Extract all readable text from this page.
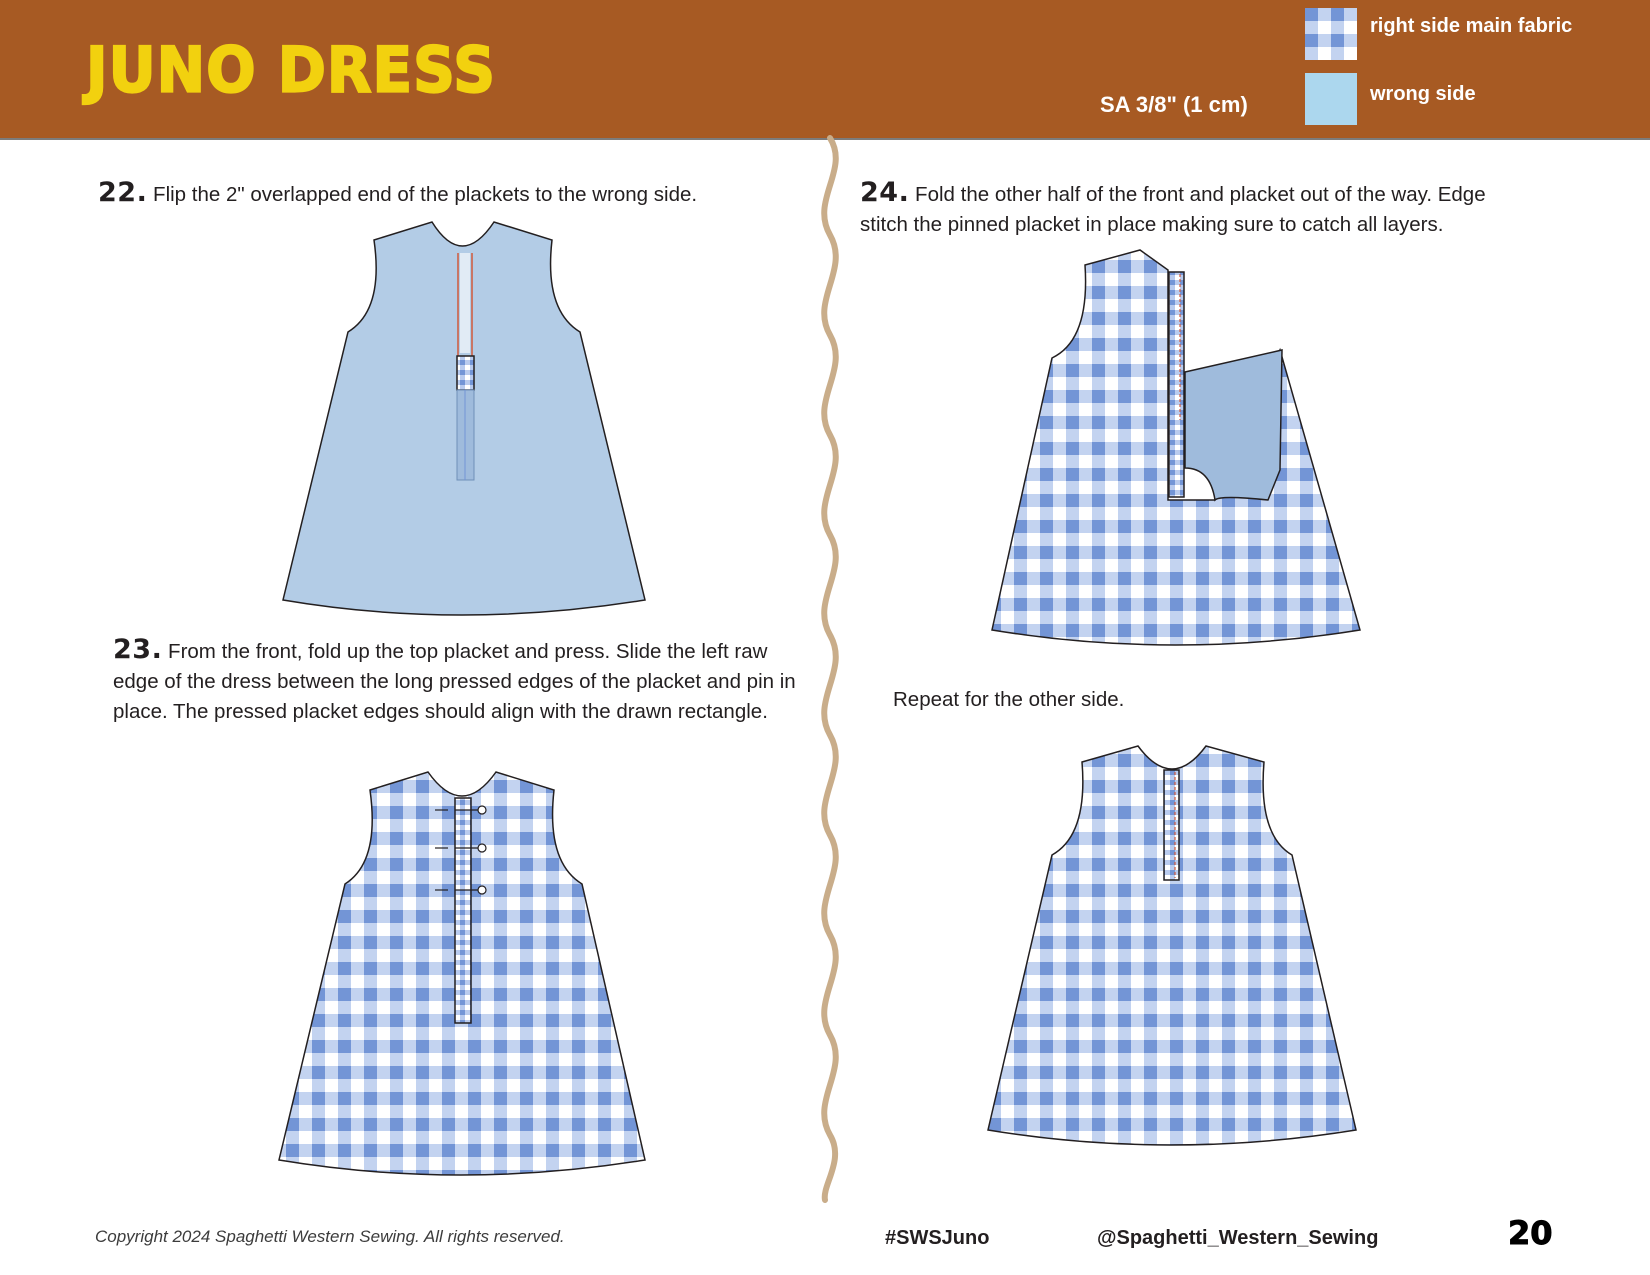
JUNO DRESS	SA 3/8" (1 cm)
right side main fabric
wrong side
22. Flip the 2" overlapped end of the plackets to the wrong side.
23. From the front, fold up the top placket and press. Slide the left raw edge of the dress between the long pressed edges of the placket and pin in place. The pressed placket edges should align with the drawn rectangle.
24. Fold the other half of the front and placket out of the way. Edge stitch the pinned placket in place making sure to catch all layers.
Repeat for the other side.
Copyright 2024 Spaghetti Western Sewing. All rights reserved.	#SWSJuno	@Spaghetti_Western_Sewing	20
